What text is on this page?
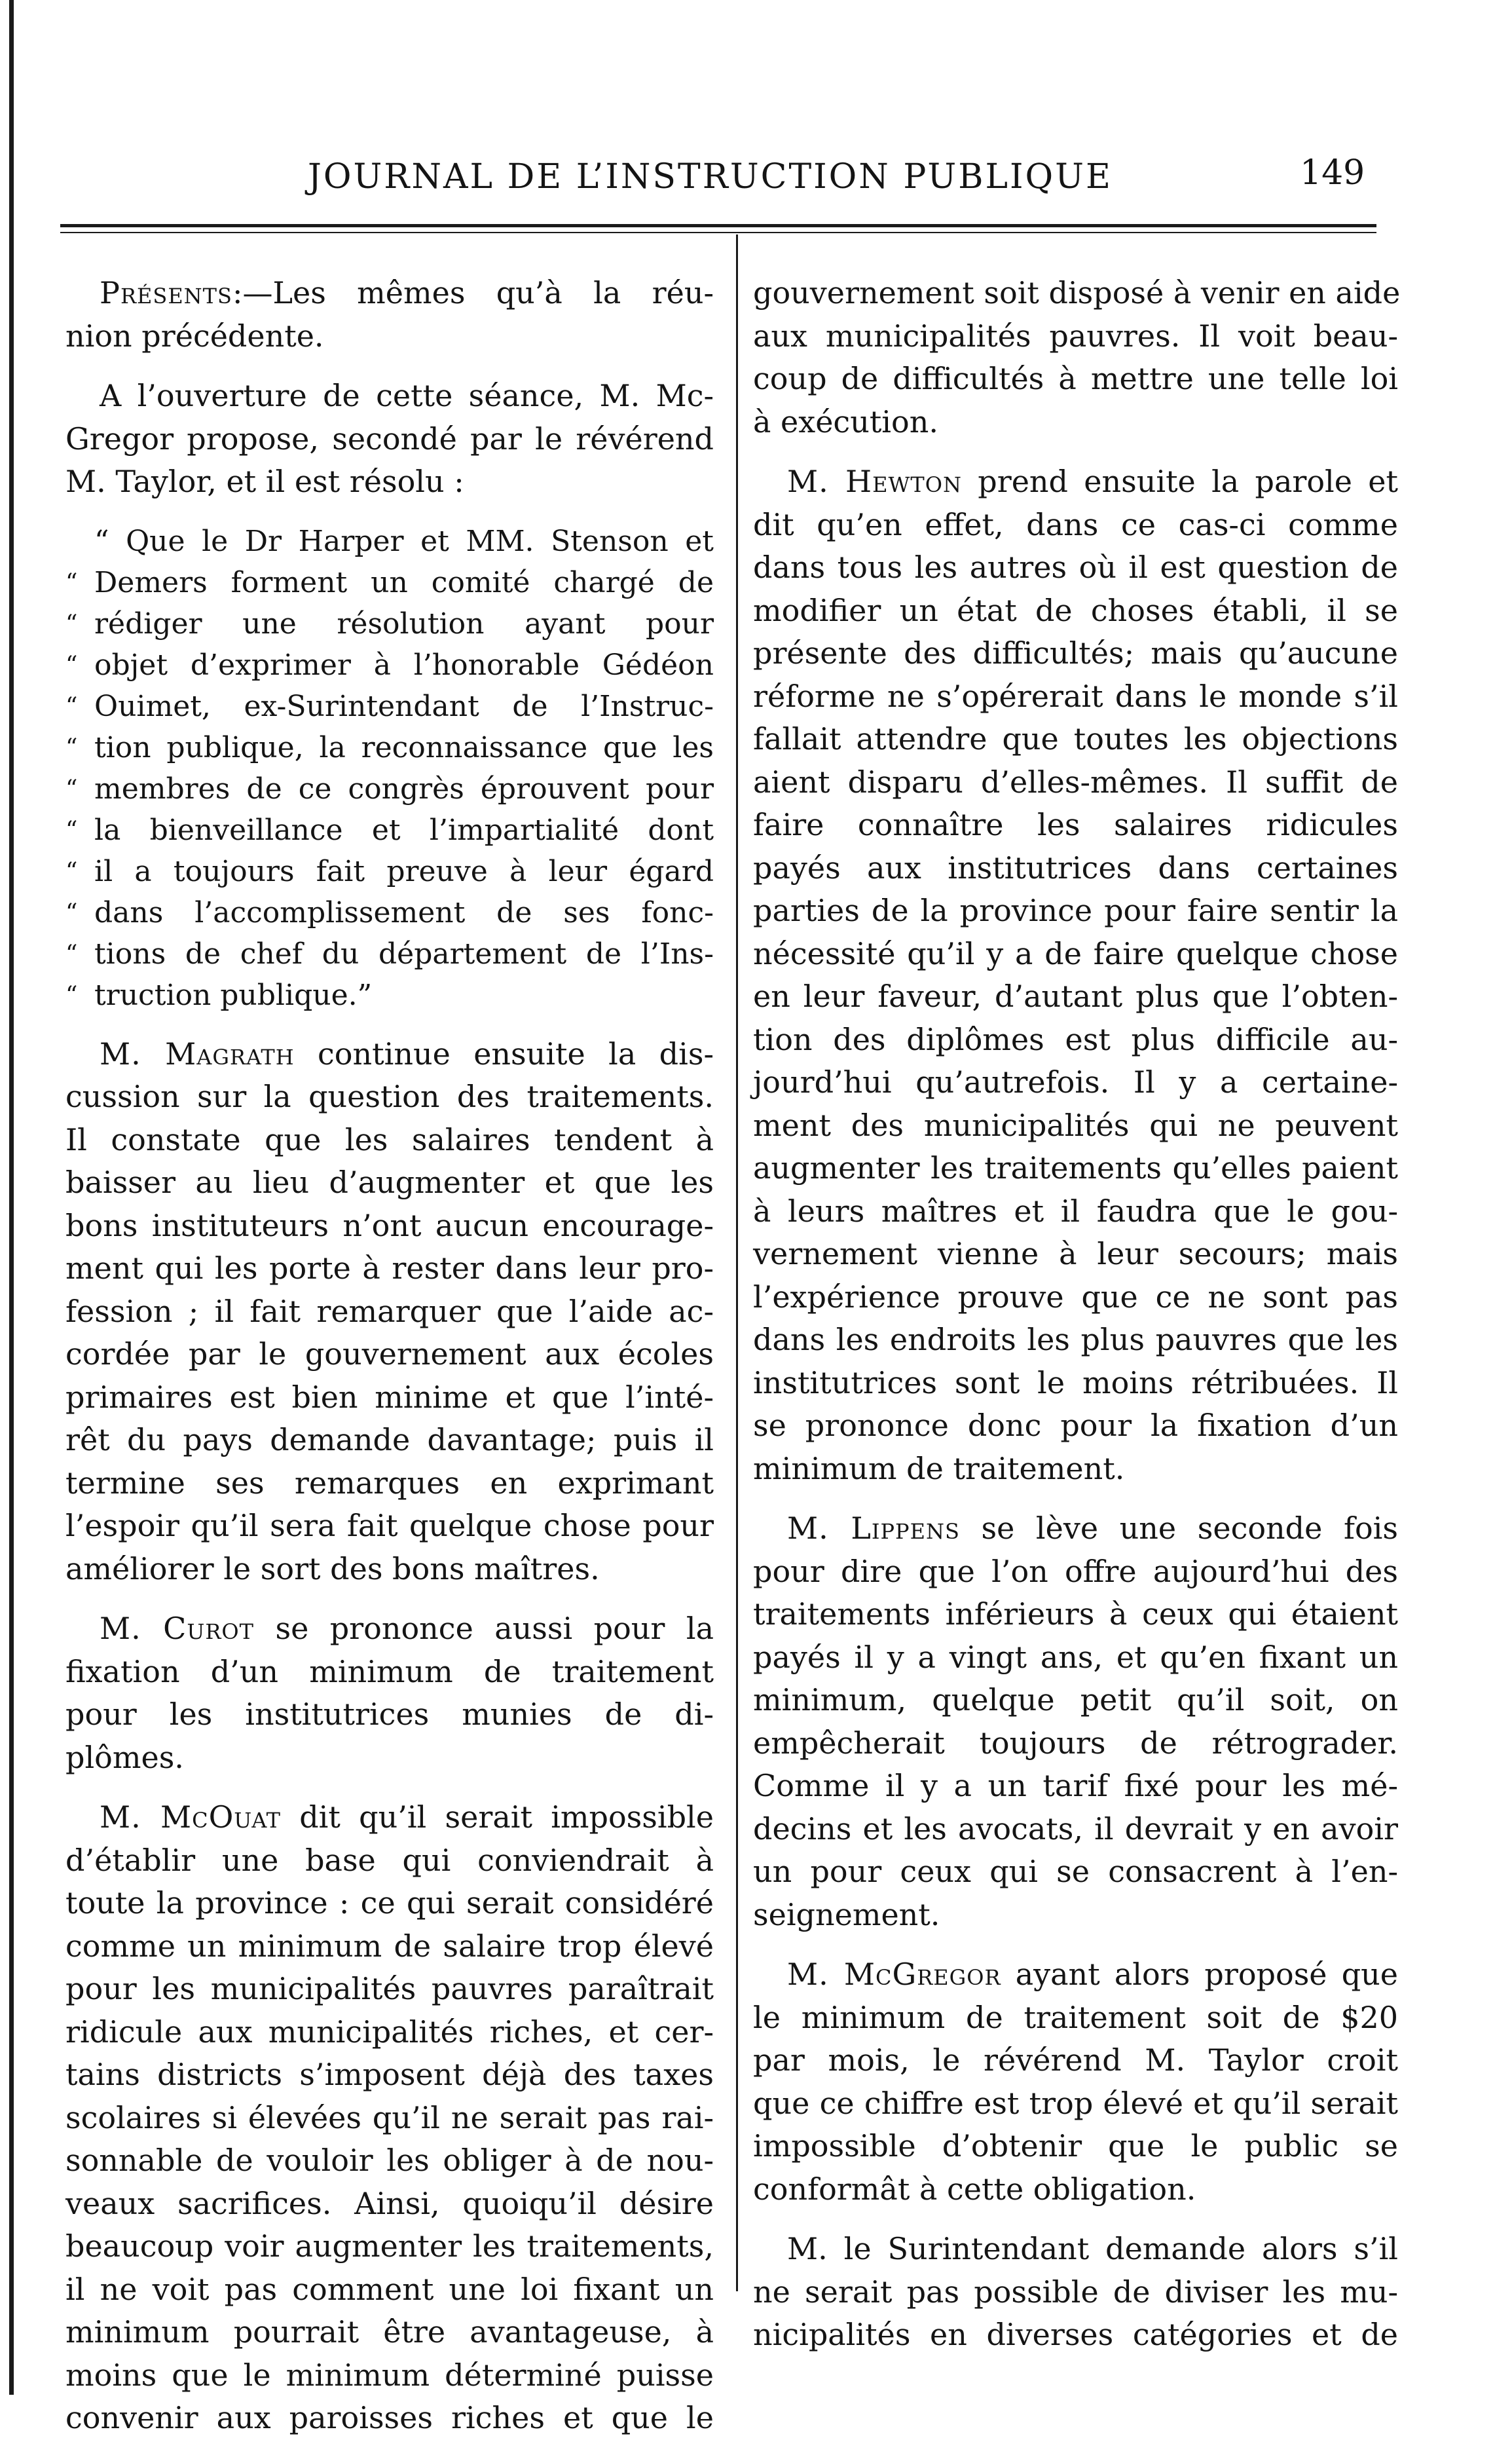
JOURNAL DE L’INSTRUCTION PUBLIQUE	149

Présents:—Les mêmes qu’à la réu-
nion précédente.

A l’ouverture de cette séance, M. Mc-
Gregor propose, secondé par le révérend
M. Taylor, et il est résolu :

“ Que le Dr Harper et MM. Stenson et
“ Demers forment un comité chargé de
“ rédiger une résolution ayant pour
“ objet d’exprimer à l’honorable Gédéon
“ Ouimet, ex-Surintendant de l’Instruc-
“ tion publique, la reconnaissance que les
“ membres de ce congrès éprouvent pour
“ la bienveillance et l’impartialité dont
“ il a toujours fait preuve à leur égard
“ dans l’accomplissement de ses fonc-
“ tions de chef du département de l’Ins-
“ truction publique.”

M. Magrath continue ensuite la dis-
cussion sur la question des traitements.
Il constate que les salaires tendent à
baisser au lieu d’augmenter et que les
bons instituteurs n’ont aucun encourage-
ment qui les porte à rester dans leur pro-
fession ; il fait remarquer que l’aide ac-
cordée par le gouvernement aux écoles
primaires est bien minime et que l’inté-
rêt du pays demande davantage; puis il
termine ses remarques en exprimant
l’espoir qu’il sera fait quelque chose pour
améliorer le sort des bons maîtres.

M. Curot se prononce aussi pour la
fixation d’un minimum de traitement
pour les institutrices munies de di-
plômes.

M. McOuat dit qu’il serait impossible
d’établir une base qui conviendrait à
toute la province : ce qui serait considéré
comme un minimum de salaire trop élevé
pour les municipalités pauvres paraîtrait
ridicule aux municipalités riches, et cer-
tains districts s’imposent déjà des taxes
scolaires si élevées qu’il ne serait pas rai-
sonnable de vouloir les obliger à de nou-
veaux sacrifices. Ainsi, quoiqu’il désire
beaucoup voir augmenter les traitements,
il ne voit pas comment une loi fixant un
minimum pourrait être avantageuse, à
moins que le minimum déterminé puisse
convenir aux paroisses riches et que le

gouvernement soit disposé à venir en aide
aux municipalités pauvres. Il voit beau-
coup de difficultés à mettre une telle loi
à exécution.

M. Hewton prend ensuite la parole et
dit qu’en effet, dans ce cas-ci comme
dans tous les autres où il est question de
modifier un état de choses établi, il se
présente des difficultés; mais qu’aucune
réforme ne s’opérerait dans le monde s’il
fallait attendre que toutes les objections
aient disparu d’elles-mêmes. Il suffit de
faire connaître les salaires ridicules
payés aux institutrices dans certaines
parties de la province pour faire sentir la
nécessité qu’il y a de faire quelque chose
en leur faveur, d’autant plus que l’obten-
tion des diplômes est plus difficile au-
jourd’hui qu’autrefois. Il y a certaine-
ment des municipalités qui ne peuvent
augmenter les traitements qu’elles paient
à leurs maîtres et il faudra que le gou-
vernement vienne à leur secours; mais
l’expérience prouve que ce ne sont pas
dans les endroits les plus pauvres que les
institutrices sont le moins rétribuées. Il
se prononce donc pour la fixation d’un
minimum de traitement.

M. Lippens se lève une seconde fois
pour dire que l’on offre aujourd’hui des
traitements inférieurs à ceux qui étaient
payés il y a vingt ans, et qu’en fixant un
minimum, quelque petit qu’il soit, on
empêcherait toujours de rétrograder.
Comme il y a un tarif fixé pour les mé-
decins et les avocats, il devrait y en avoir
un pour ceux qui se consacrent à l’en-
seignement.

M. McGregor ayant alors proposé que
le minimum de traitement soit de $20
par mois, le révérend M. Taylor croit
que ce chiffre est trop élevé et qu’il serait
impossible d’obtenir que le public se
conformât à cette obligation.

M. le Surintendant demande alors s’il
ne serait pas possible de diviser les mu-
nicipalités en diverses catégories et de
